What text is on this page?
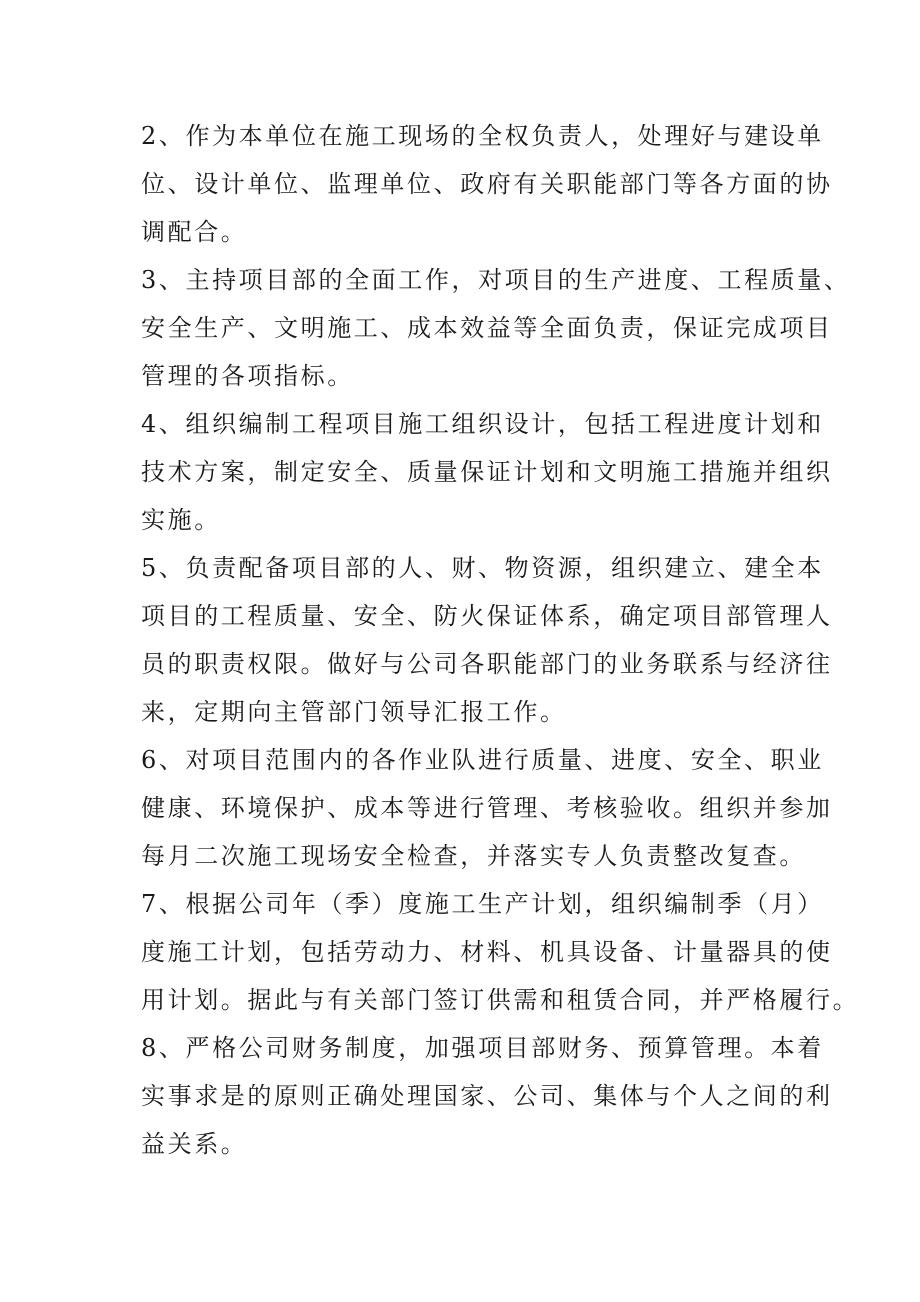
2、作为本单位在施工现场的全权负责人，处理好与建设单
位、设计单位、监理单位、政府有关职能部门等各方面的协
调配合。
3、主持项目部的全面工作，对项目的生产进度、工程质量、
安全生产、文明施工、成本效益等全面负责，保证完成项目
管理的各项指标。
4、组织编制工程项目施工组织设计，包括工程进度计划和
技术方案，制定安全、质量保证计划和文明施工措施并组织
实施。
5、负责配备项目部的人、财、物资源，组织建立、建全本
项目的工程质量、安全、防火保证体系，确定项目部管理人
员的职责权限。做好与公司各职能部门的业务联系与经济往
来，定期向主管部门领导汇报工作。
6、对项目范围内的各作业队进行质量、进度、安全、职业
健康、环境保护、成本等进行管理、考核验收。组织并参加
每月二次施工现场安全检查，并落实专人负责整改复查。
7、根据公司年（季）度施工生产计划，组织编制季（月）
度施工计划，包括劳动力、材料、机具设备、计量器具的使
用计划。据此与有关部门签订供需和租赁合同，并严格履行。
8、严格公司财务制度，加强项目部财务、预算管理。本着
实事求是的原则正确处理国家、公司、集体与个人之间的利
益关系。
